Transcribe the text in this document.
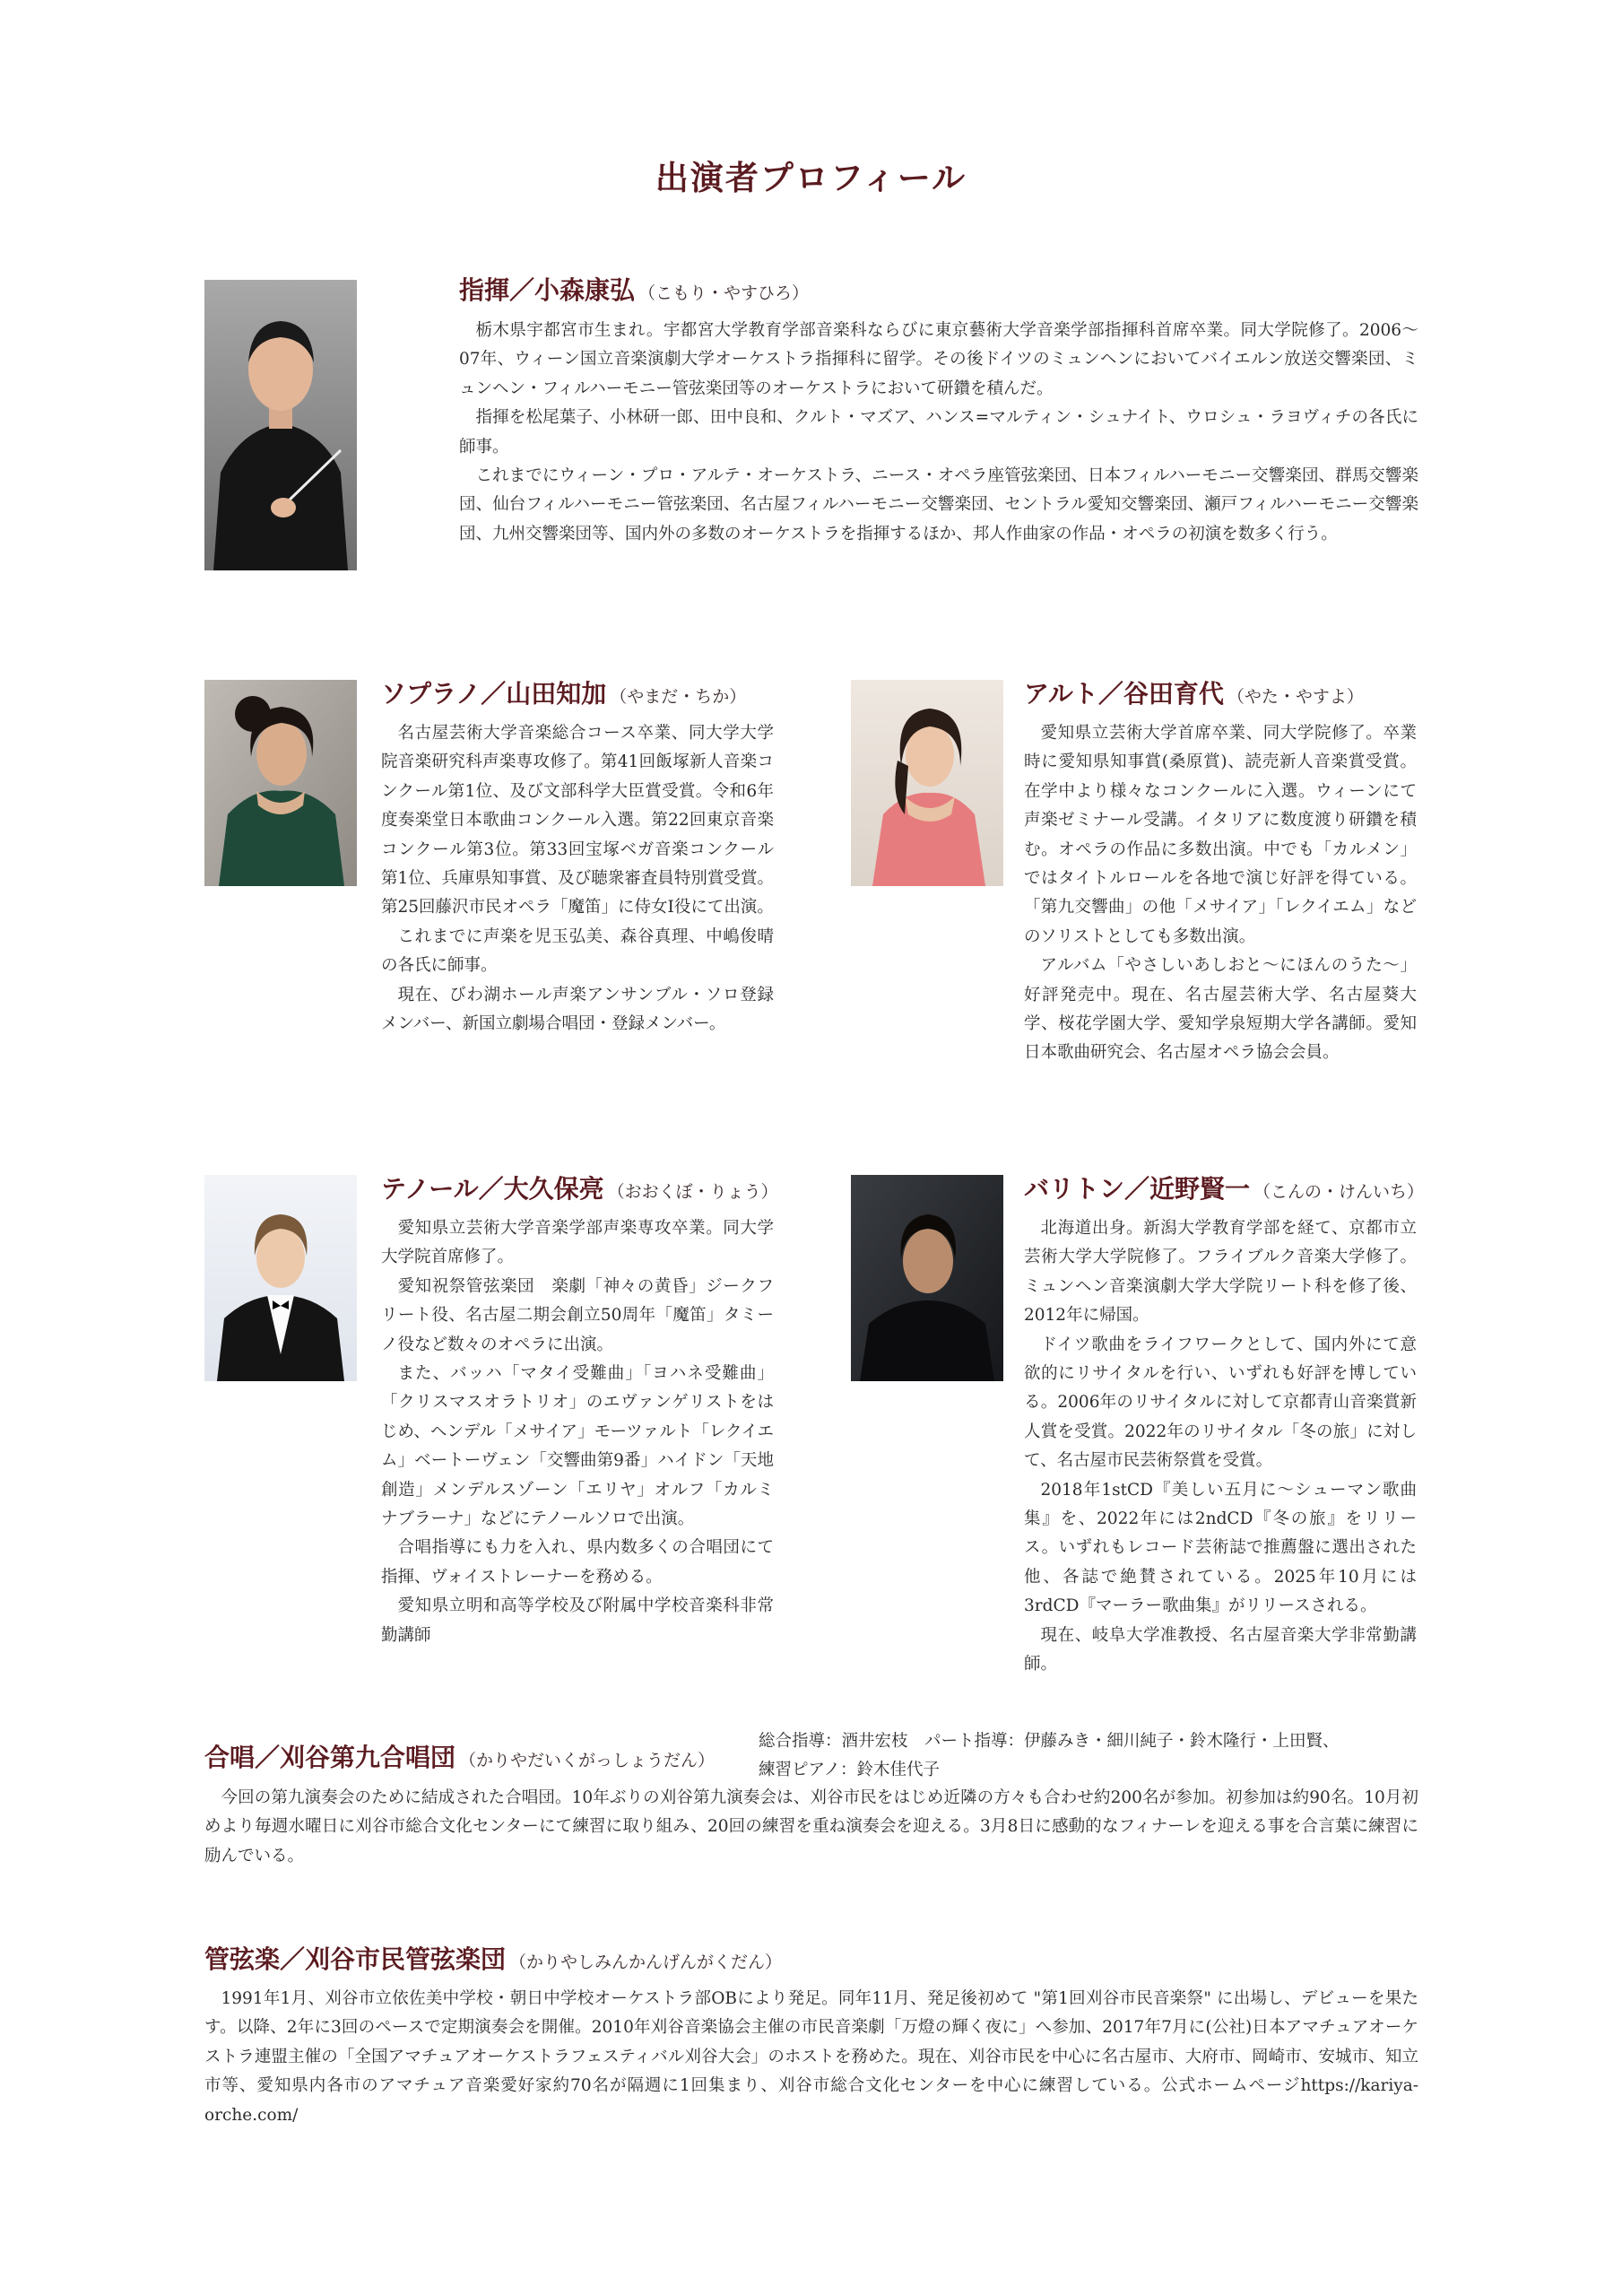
出演者プロフィール
指揮／小森康弘 （こもり・やすひろ）

栃木県宇都宮市生まれ。宇都宮大学教育学部音楽科ならびに東京藝術大学音楽学部指揮科首席卒業。同大学院修了。2006〜07年、ウィーン国立音楽演劇大学オーケストラ指揮科に留学。その後ドイツのミュンヘンにおいてバイエルン放送交響楽団、ミュンヘン・フィルハーモニー管弦楽団等のオーケストラにおいて研鑽を積んだ。

指揮を松尾葉子、小林研一郎、田中良和、クルト・マズア、ハンス=マルティン・シュナイト、ウロシュ・ラヨヴィチの各氏に師事。

これまでにウィーン・プロ・アルテ・オーケストラ、ニース・オペラ座管弦楽団、日本フィルハーモニー交響楽団、群馬交響楽団、仙台フィルハーモニー管弦楽団、名古屋フィルハーモニー交響楽団、セントラル愛知交響楽団、瀬戸フィルハーモニー交響楽団、九州交響楽団等、国内外の多数のオーケストラを指揮するほか、邦人作曲家の作品・オペラの初演を数多く行う。

ソプラノ／山田知加 （やまだ・ちか）

名古屋芸術大学音楽総合コース卒業、同大学大学院音楽研究科声楽専攻修了。第41回飯塚新人音楽コンクール第1位、及び文部科学大臣賞受賞。令和6年度奏楽堂日本歌曲コンクール入選。第22回東京音楽コンクール第3位。第33回宝塚ベガ音楽コンクール第1位、兵庫県知事賞、及び聴衆審査員特別賞受賞。第25回藤沢市民オペラ「魔笛」に侍女Ⅰ役にて出演。

これまでに声楽を児玉弘美、森谷真理、中嶋俊晴の各氏に師事。

現在、びわ湖ホール声楽アンサンブル・ソロ登録メンバー、新国立劇場合唱団・登録メンバー。

アルト／谷田育代 （やた・やすよ）

愛知県立芸術大学首席卒業、同大学院修了。卒業時に愛知県知事賞(桑原賞)、読売新人音楽賞受賞。在学中より様々なコンクールに入選。ウィーンにて声楽ゼミナール受講。イタリアに数度渡り研鑽を積む。オペラの作品に多数出演。中でも「カルメン」ではタイトルロールを各地で演じ好評を得ている。「第九交響曲」の他「メサイア」「レクイエム」などのソリストとしても多数出演。

アルバム「やさしいあしおと〜にほんのうた〜」好評発売中。現在、名古屋芸術大学、名古屋葵大学、桜花学園大学、愛知学泉短期大学各講師。愛知日本歌曲研究会、名古屋オペラ協会会員。

テノール／大久保亮 （おおくぼ・りょう）

愛知県立芸術大学音楽学部声楽専攻卒業。同大学大学院首席修了。

愛知祝祭管弦楽団　楽劇「神々の黄昏」ジークフリート役、名古屋二期会創立50周年「魔笛」タミーノ役など数々のオペラに出演。

また、バッハ「マタイ受難曲」「ヨハネ受難曲」「クリスマスオラトリオ」のエヴァンゲリストをはじめ、ヘンデル「メサイア」モーツァルト「レクイエム」ベートーヴェン「交響曲第9番」ハイドン「天地創造」メンデルスゾーン「エリヤ」オルフ「カルミナブラーナ」などにテノールソロで出演。

合唱指導にも力を入れ、県内数多くの合唱団にて指揮、ヴォイストレーナーを務める。

愛知県立明和高等学校及び附属中学校音楽科非常勤講師

バリトン／近野賢一 （こんの・けんいち）

北海道出身。新潟大学教育学部を経て、京都市立芸術大学大学院修了。フライブルク音楽大学修了。ミュンヘン音楽演劇大学大学院リート科を修了後、2012年に帰国。

ドイツ歌曲をライフワークとして、国内外にて意欲的にリサイタルを行い、いずれも好評を博している。2006年のリサイタルに対して京都青山音楽賞新人賞を受賞。2022年のリサイタル「冬の旅」に対して、名古屋市民芸術祭賞を受賞。

2018年1stCD『美しい五月に〜シューマン歌曲集』を、2022年には2ndCD『冬の旅』をリリース。いずれもレコード芸術誌で推薦盤に選出された他、各誌で絶賛されている。2025年10月には3rdCD『マーラー歌曲集』がリリースされる。

現在、岐阜大学准教授、名古屋音楽大学非常勤講師。

合唱／刈谷第九合唱団 （かりやだいくがっしょうだん）
総合指導：酒井宏枝　パート指導：伊藤みき・細川純子・鈴木隆行・上田賢、
練習ピアノ：鈴木佳代子

今回の第九演奏会のために結成された合唱団。10年ぶりの刈谷第九演奏会は、刈谷市民をはじめ近隣の方々も合わせ約200名が参加。初参加は約90名。10月初めより毎週水曜日に刈谷市総合文化センターにて練習に取り組み、20回の練習を重ね演奏会を迎える。3月8日に感動的なフィナーレを迎える事を合言葉に練習に励んでいる。

管弦楽／刈谷市民管弦楽団 （かりやしみんかんげんがくだん）

1991年1月、刈谷市立依佐美中学校・朝日中学校オーケストラ部OBにより発足。同年11月、発足後初めて "第1回刈谷市民音楽祭" に出場し、デビューを果たす。以降、2年に3回のペースで定期演奏会を開催。2010年刈谷音楽協会主催の市民音楽劇「万燈の輝く夜に」へ参加、2017年7月に(公社)日本アマチュアオーケストラ連盟主催の「全国アマチュアオーケストラフェスティバル刈谷大会」のホストを務めた。現在、刈谷市民を中心に名古屋市、大府市、岡崎市、安城市、知立市等、愛知県内各市のアマチュア音楽愛好家約70名が隔週に1回集まり、刈谷市総合文化センターを中心に練習している。公式ホームページhttps://kariya-orche.com/
